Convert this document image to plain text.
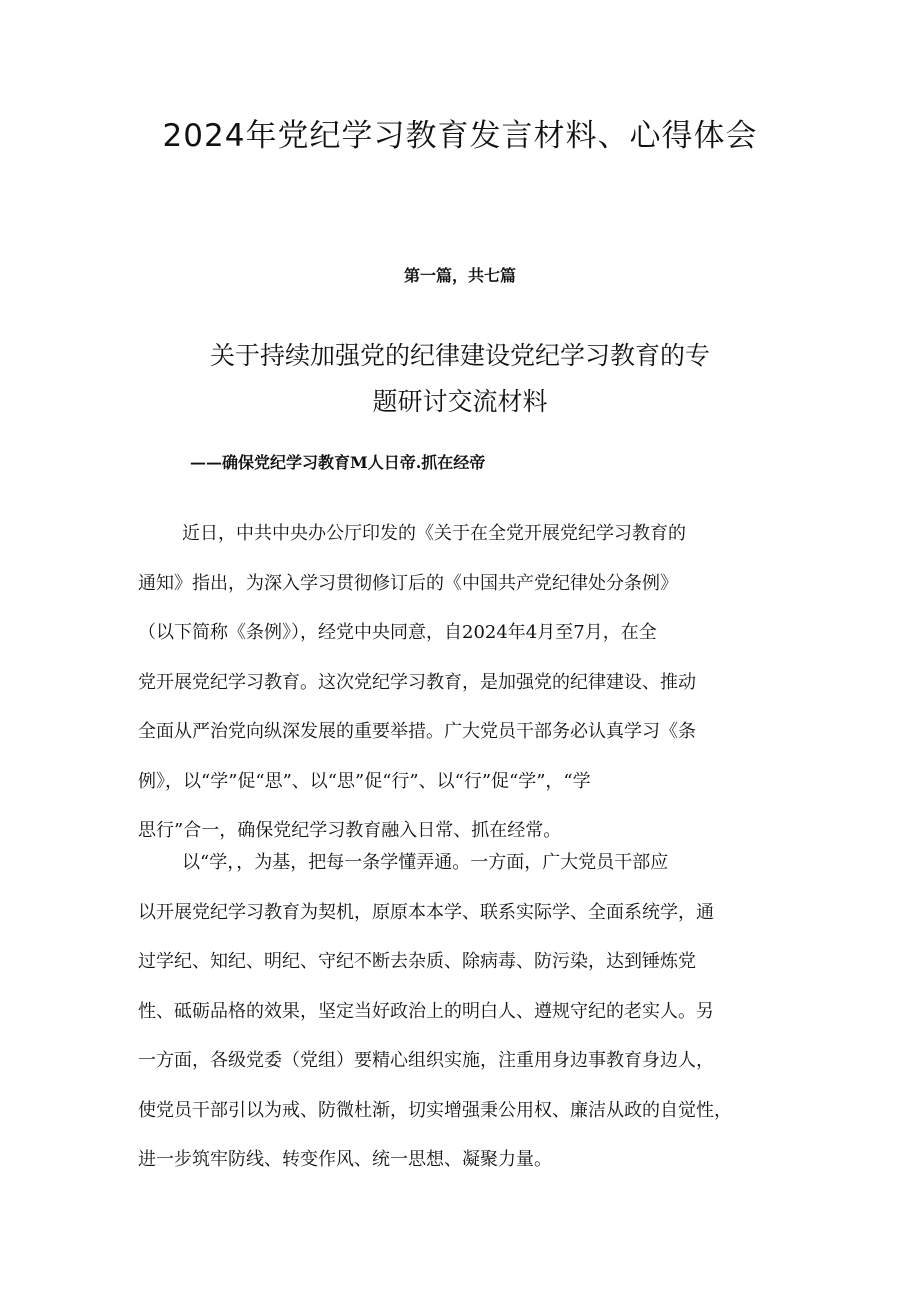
2024年党纪学习教育发言材料、心得体会
第一篇，共七篇
关于持续加强党的纪律建设党纪学习教育的专
题研讨交流材料
——确保党纪学习教育M人日帝.抓在经帝
近日，中共中央办公厅印发的《关于在全党开展党纪学习教育的
通知》指出，为深入学习贯彻修订后的《中国共产党纪律处分条例》
（以下简称《条例》），经党中央同意，自2024年4月至7月，在全
党开展党纪学习教育。这次党纪学习教育，是加强党的纪律建设、推动
全面从严治党向纵深发展的重要举措。广大党员干部务必认真学习《条
例》，以“学”促“思”、以“思”促“行”、以“行”促“学”，“学
思行”合一，确保党纪学习教育融入日常、抓在经常。
以“学，，为基，把每一条学懂弄通。一方面，广大党员干部应
以开展党纪学习教育为契机，原原本本学、联系实际学、全面系统学，通
过学纪、知纪、明纪、守纪不断去杂质、除病毒、防污染，达到锤炼党
性、砥砺品格的效果，坚定当好政治上的明白人、遵规守纪的老实人。另
一方面，各级党委（党组）要精心组织实施，注重用身边事教育身边人，
使党员干部引以为戒、防微杜渐，切实增强秉公用权、廉洁从政的自觉性，
进一步筑牢防线、转变作风、统一思想、凝聚力量。
